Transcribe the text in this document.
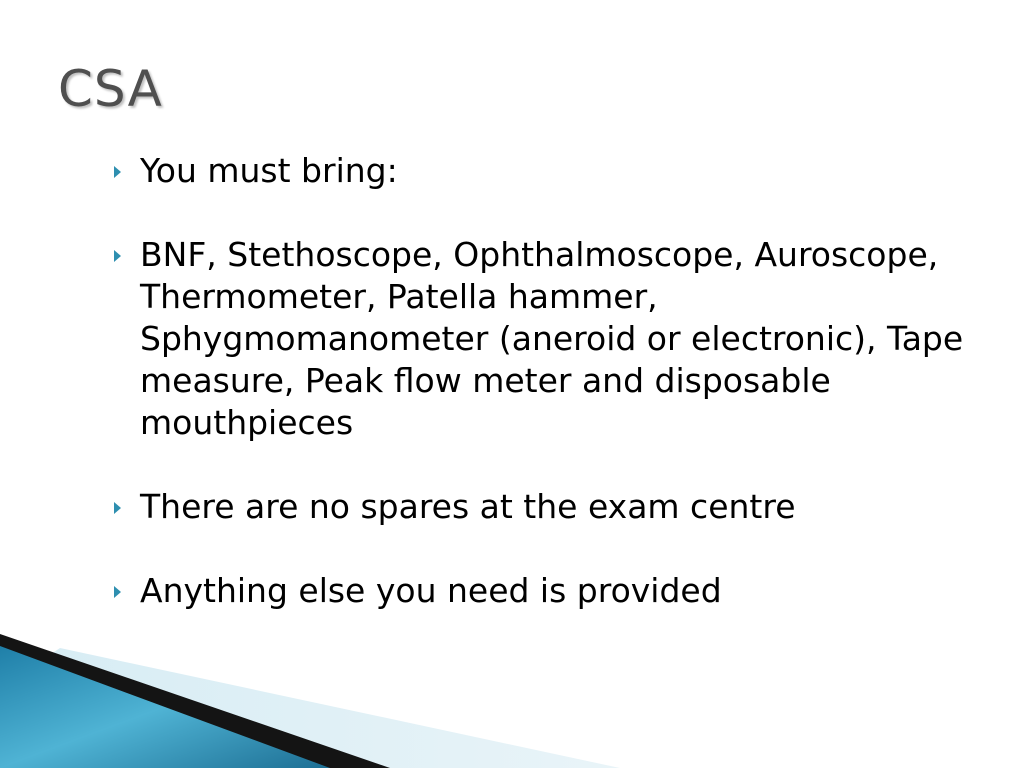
CSA
You must bring:
BNF, Stethoscope, Ophthalmoscope, Auroscope, Thermometer, Patella hammer, Sphygmomanometer (aneroid or electronic), Tape measure, Peak flow meter and disposable mouthpieces
There are no spares at the exam centre
Anything else you need is provided
